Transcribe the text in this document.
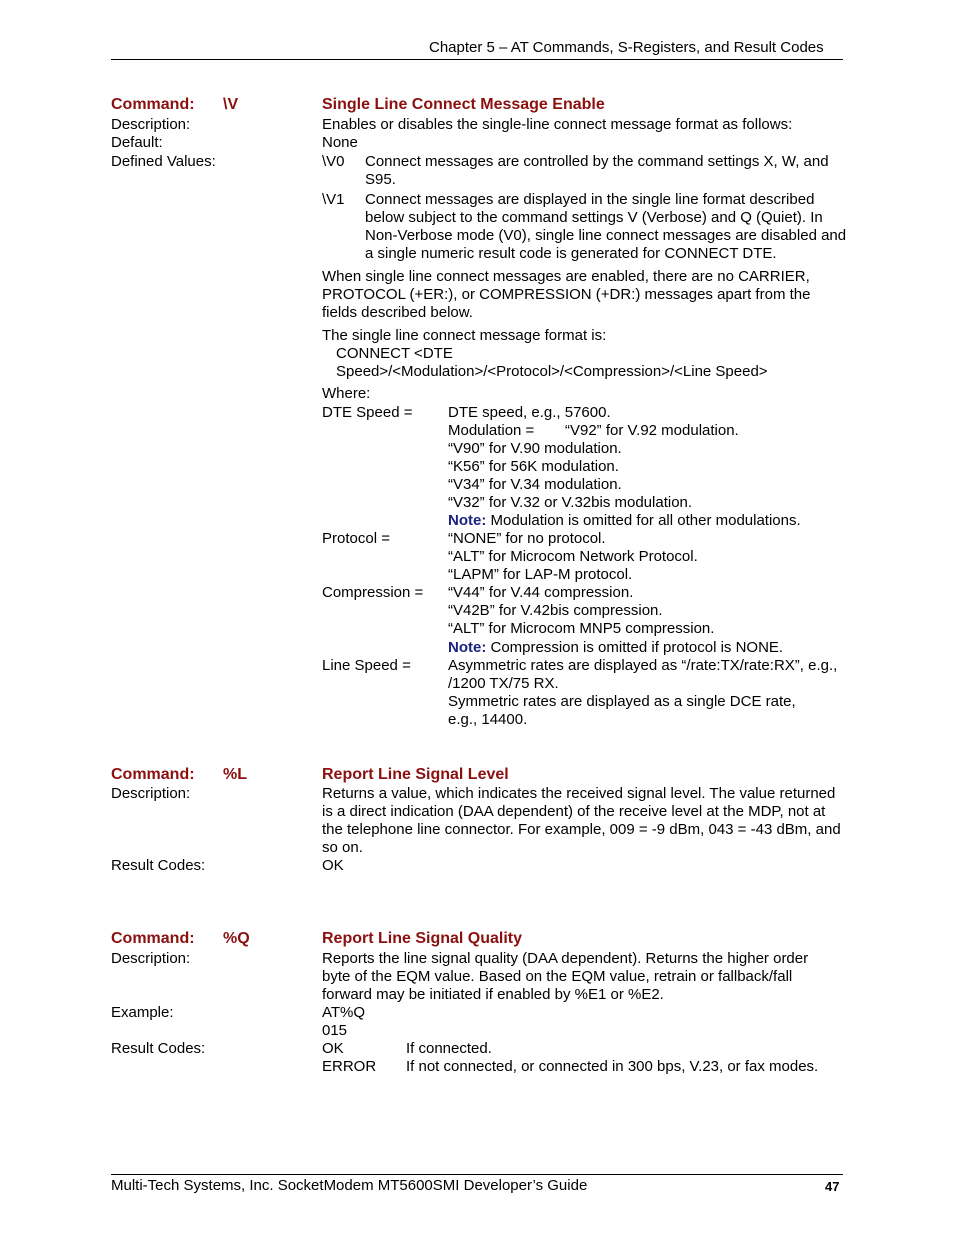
Chapter 5 – AT Commands, S-Registers, and Result Codes
Command: \V	Single Line Connect Message Enable
Description:	Enables or disables the single-line connect message format as follows:
Default:	None
Defined Values:	\V0 Connect messages are controlled by the command settings X, W, and S95.
\V1 Connect messages are displayed in the single line format described below subject to the command settings V (Verbose) and Q (Quiet). In Non-Verbose mode (V0), single line connect messages are disabled and a single numeric result code is generated for CONNECT DTE.
When single line connect messages are enabled, there are no CARRIER, PROTOCOL (+ER:), or COMPRESSION (+DR:) messages apart from the fields described below.
The single line connect message format is:
CONNECT <DTE
Speed>/<Modulation>/<Protocol>/<Compression>/<Line Speed>
Where:
DTE Speed = DTE speed, e.g., 57600.
Modulation = “V92” for V.92 modulation.
“V90” for V.90 modulation.
“K56” for 56K modulation.
“V34” for V.34 modulation.
“V32” for V.32 or V.32bis modulation.
Note: Modulation is omitted for all other modulations.
Protocol =	“NONE” for no protocol.
“ALT” for Microcom Network Protocol.
“LAPM” for LAP-M protocol.
Compression = “V44” for V.44 compression.
“V42B” for V.42bis compression.
“ALT” for Microcom MNP5 compression.
Note: Compression is omitted if protocol is NONE.
Line Speed = Asymmetric rates are displayed as “/rate:TX/rate:RX”, e.g., /1200 TX/75 RX.
Symmetric rates are displayed as a single DCE rate, e.g., 14400.
Command: %L	Report Line Signal Level
Description:	Returns a value, which indicates the received signal level. The value returned is a direct indication (DAA dependent) of the receive level at the MDP, not at the telephone line connector. For example, 009 = -9 dBm, 043 = -43 dBm, and so on.
Result Codes:	OK
Command: %Q	Report Line Signal Quality
Description:	Reports the line signal quality (DAA dependent). Returns the higher order byte of the EQM value. Based on the EQM value, retrain or fallback/fall forward may be initiated if enabled by %E1 or %E2.
Example:	AT%Q
015
Result Codes:	OK	If connected.
ERROR If not connected, or connected in 300 bps, V.23, or fax modes.
Multi-Tech Systems, Inc. SocketModem MT5600SMI Developer’s Guide	47
